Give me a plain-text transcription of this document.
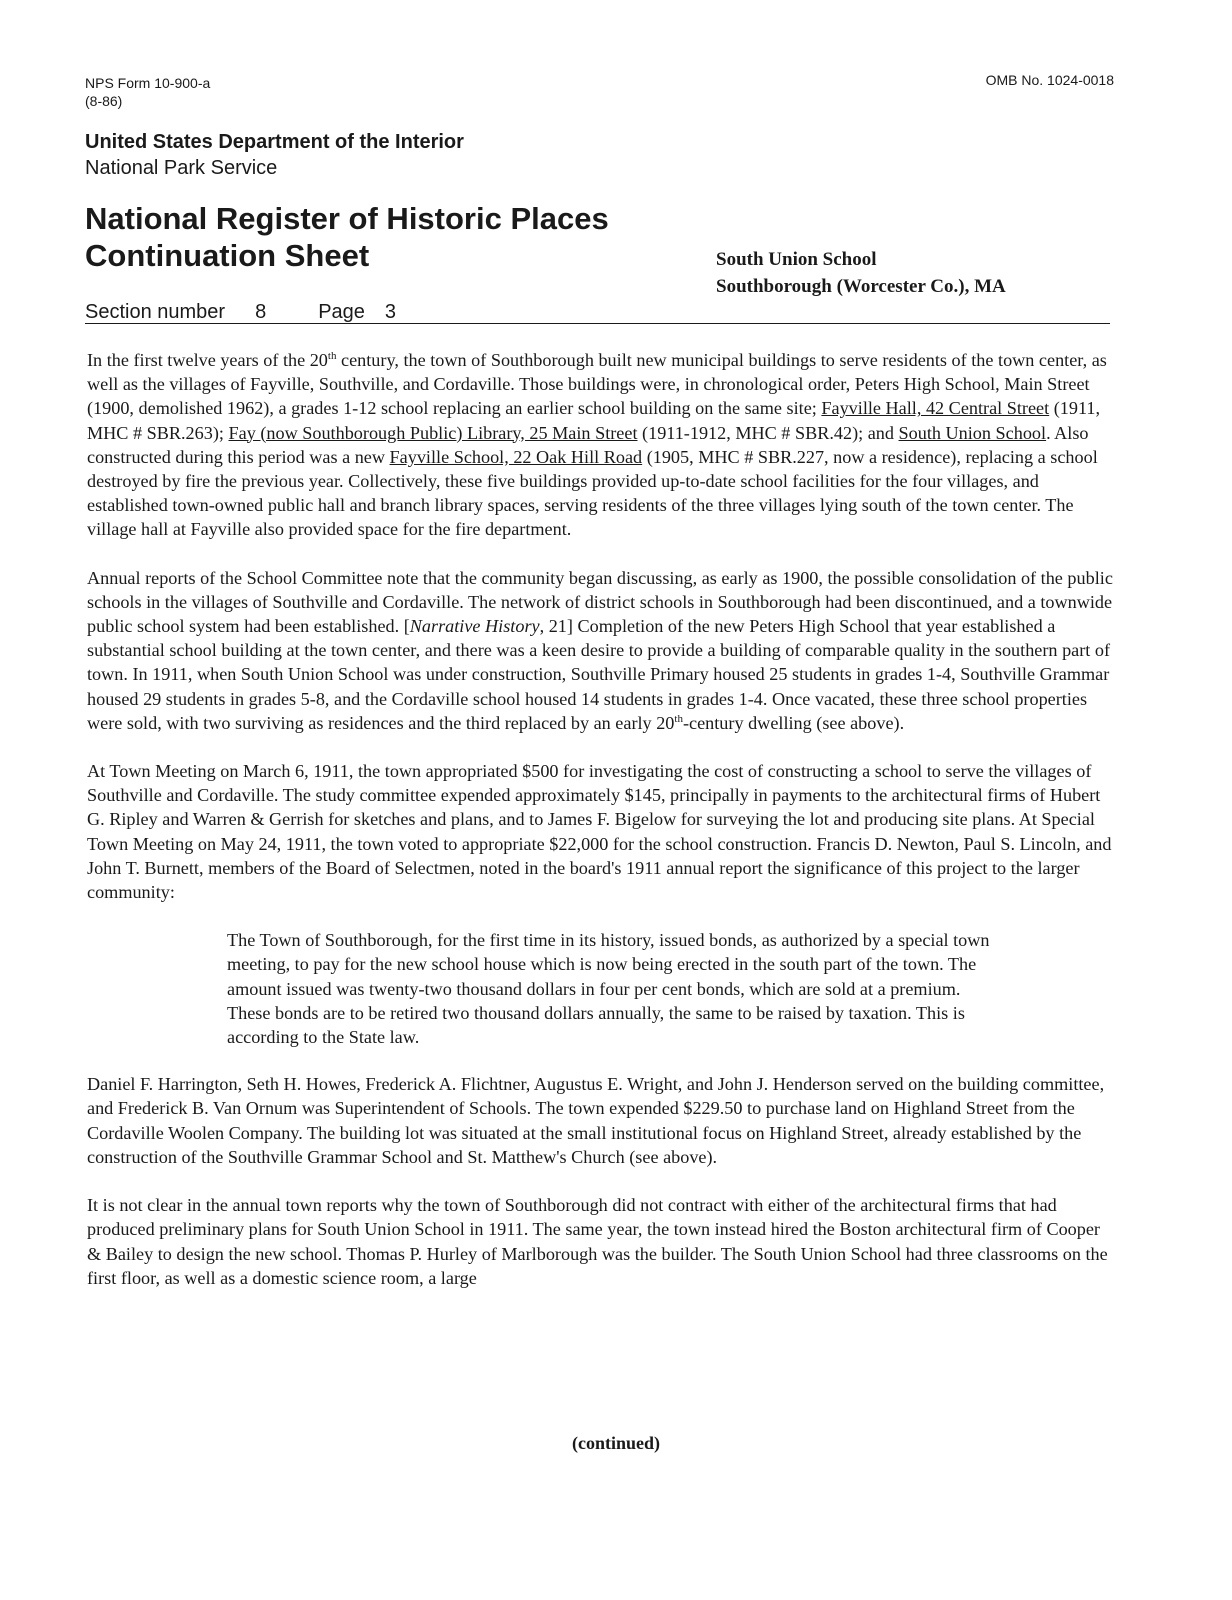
NPS Form 10-900-a
(8-86)
OMB No. 1024-0018
United States Department of the Interior
National Park Service
National Register of Historic Places
Continuation Sheet	South Union School
Southborough (Worcester Co.), MA
Section number 8	Page 3

In the first twelve years of the 20th century, the town of Southborough built new municipal buildings to serve residents of the town center, as well as the villages of Fayville, Southville, and Cordaville. Those buildings were, in chronological order, Peters High School, Main Street (1900, demolished 1962), a grades 1-12 school replacing an earlier school building on the same site; Fayville Hall, 42 Central Street (1911, MHC # SBR.263); Fay (now Southborough Public) Library, 25 Main Street (1911-1912, MHC # SBR.42); and South Union School. Also constructed during this period was a new Fayville School, 22 Oak Hill Road (1905, MHC # SBR.227, now a residence), replacing a school destroyed by fire the previous year. Collectively, these five buildings provided up-to-date school facilities for the four villages, and established town-owned public hall and branch library spaces, serving residents of the three villages lying south of the town center. The village hall at Fayville also provided space for the fire department.

Annual reports of the School Committee note that the community began discussing, as early as 1900, the possible consolidation of the public schools in the villages of Southville and Cordaville. The network of district schools in Southborough had been discontinued, and a townwide public school system had been established. [Narrative History, 21] Completion of the new Peters High School that year established a substantial school building at the town center, and there was a keen desire to provide a building of comparable quality in the southern part of town. In 1911, when South Union School was under construction, Southville Primary housed 25 students in grades 1-4, Southville Grammar housed 29 students in grades 5-8, and the Cordaville school housed 14 students in grades 1-4. Once vacated, these three school properties were sold, with two surviving as residences and the third replaced by an early 20th-century dwelling (see above).

At Town Meeting on March 6, 1911, the town appropriated $500 for investigating the cost of constructing a school to serve the villages of Southville and Cordaville. The study committee expended approximately $145, principally in payments to the architectural firms of Hubert G. Ripley and Warren & Gerrish for sketches and plans, and to James F. Bigelow for surveying the lot and producing site plans. At Special Town Meeting on May 24, 1911, the town voted to appropriate $22,000 for the school construction. Francis D. Newton, Paul S. Lincoln, and John T. Burnett, members of the Board of Selectmen, noted in the board's 1911 annual report the significance of this project to the larger community:

The Town of Southborough, for the first time in its history, issued bonds, as authorized by a special town meeting, to pay for the new school house which is now being erected in the south part of the town. The amount issued was twenty-two thousand dollars in four per cent bonds, which are sold at a premium. These bonds are to be retired two thousand dollars annually, the same to be raised by taxation. This is according to the State law.

Daniel F. Harrington, Seth H. Howes, Frederick A. Flichtner, Augustus E. Wright, and John J. Henderson served on the building committee, and Frederick B. Van Ornum was Superintendent of Schools. The town expended $229.50 to purchase land on Highland Street from the Cordaville Woolen Company. The building lot was situated at the small institutional focus on Highland Street, already established by the construction of the Southville Grammar School and St. Matthew's Church (see above).

It is not clear in the annual town reports why the town of Southborough did not contract with either of the architectural firms that had produced preliminary plans for South Union School in 1911. The same year, the town instead hired the Boston architectural firm of Cooper & Bailey to design the new school. Thomas P. Hurley of Marlborough was the builder. The South Union School had three classrooms on the first floor, as well as a domestic science room, a large

(continued)
